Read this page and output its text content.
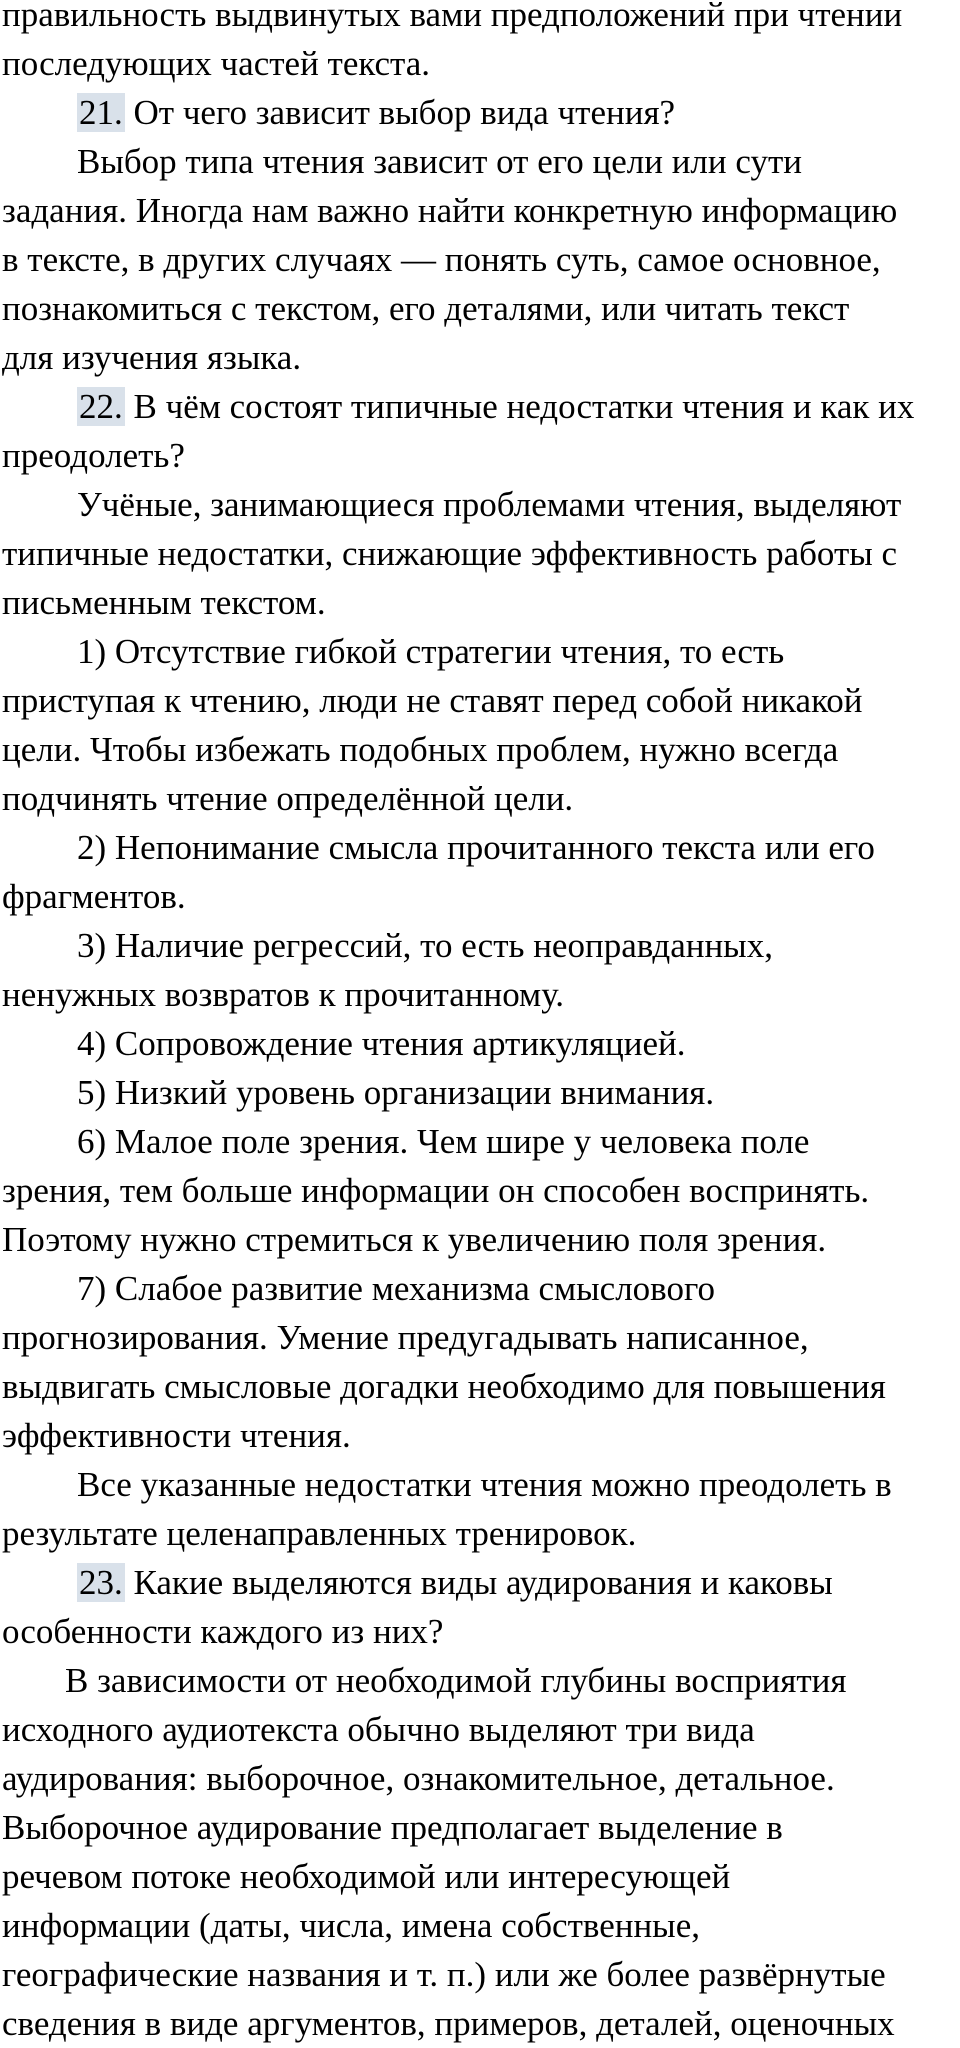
правильность выдвинутых вами предположений при чтении
последующих частей текста.
21. От чего зависит выбор вида чтения?
Выбор типа чтения зависит от его цели или сути
задания. Иногда нам важно найти конкретную информацию
в тексте, в других случаях — понять суть, самое основное,
познакомиться с текстом, его деталями, или читать текст
для изучения языка.
22. В чём состоят типичные недостатки чтения и как их
преодолеть?
Учёные, занимающиеся проблемами чтения, выделяют
типичные недостатки, снижающие эффективность работы с
письменным текстом.
1) Отсутствие гибкой стратегии чтения, то есть
приступая к чтению, люди не ставят перед собой никакой
цели. Чтобы избежать подобных проблем, нужно всегда
подчинять чтение определённой цели.
2) Непонимание смысла прочитанного текста или его
фрагментов.
3) Наличие регрессий, то есть неоправданных,
ненужных возвратов к прочитанному.
4) Сопровождение чтения артикуляцией.
5) Низкий уровень организации внимания.
6) Малое поле зрения. Чем шире у человека поле
зрения, тем больше информации он способен воспринять.
Поэтому нужно стремиться к увеличению поля зрения.
7) Слабое развитие механизма смыслового
прогнозирования. Умение предугадывать написанное,
выдвигать смысловые догадки необходимо для повышения
эффективности чтения.
Все указанные недостатки чтения можно преодолеть в
результате целенаправленных тренировок.
23. Какие выделяются виды аудирования и каковы
особенности каждого из них?
В зависимости от необходимой глубины восприятия
исходного аудиотекста обычно выделяют три вида
аудирования: выборочное, ознакомительное, детальное.
Выборочное аудирование предполагает выделение в
речевом потоке необходимой или интересующей
информации (даты, числа, имена собственные,
географические названия и т. п.) или же более развёрнутые
сведения в виде аргументов, примеров, деталей, оценочных
